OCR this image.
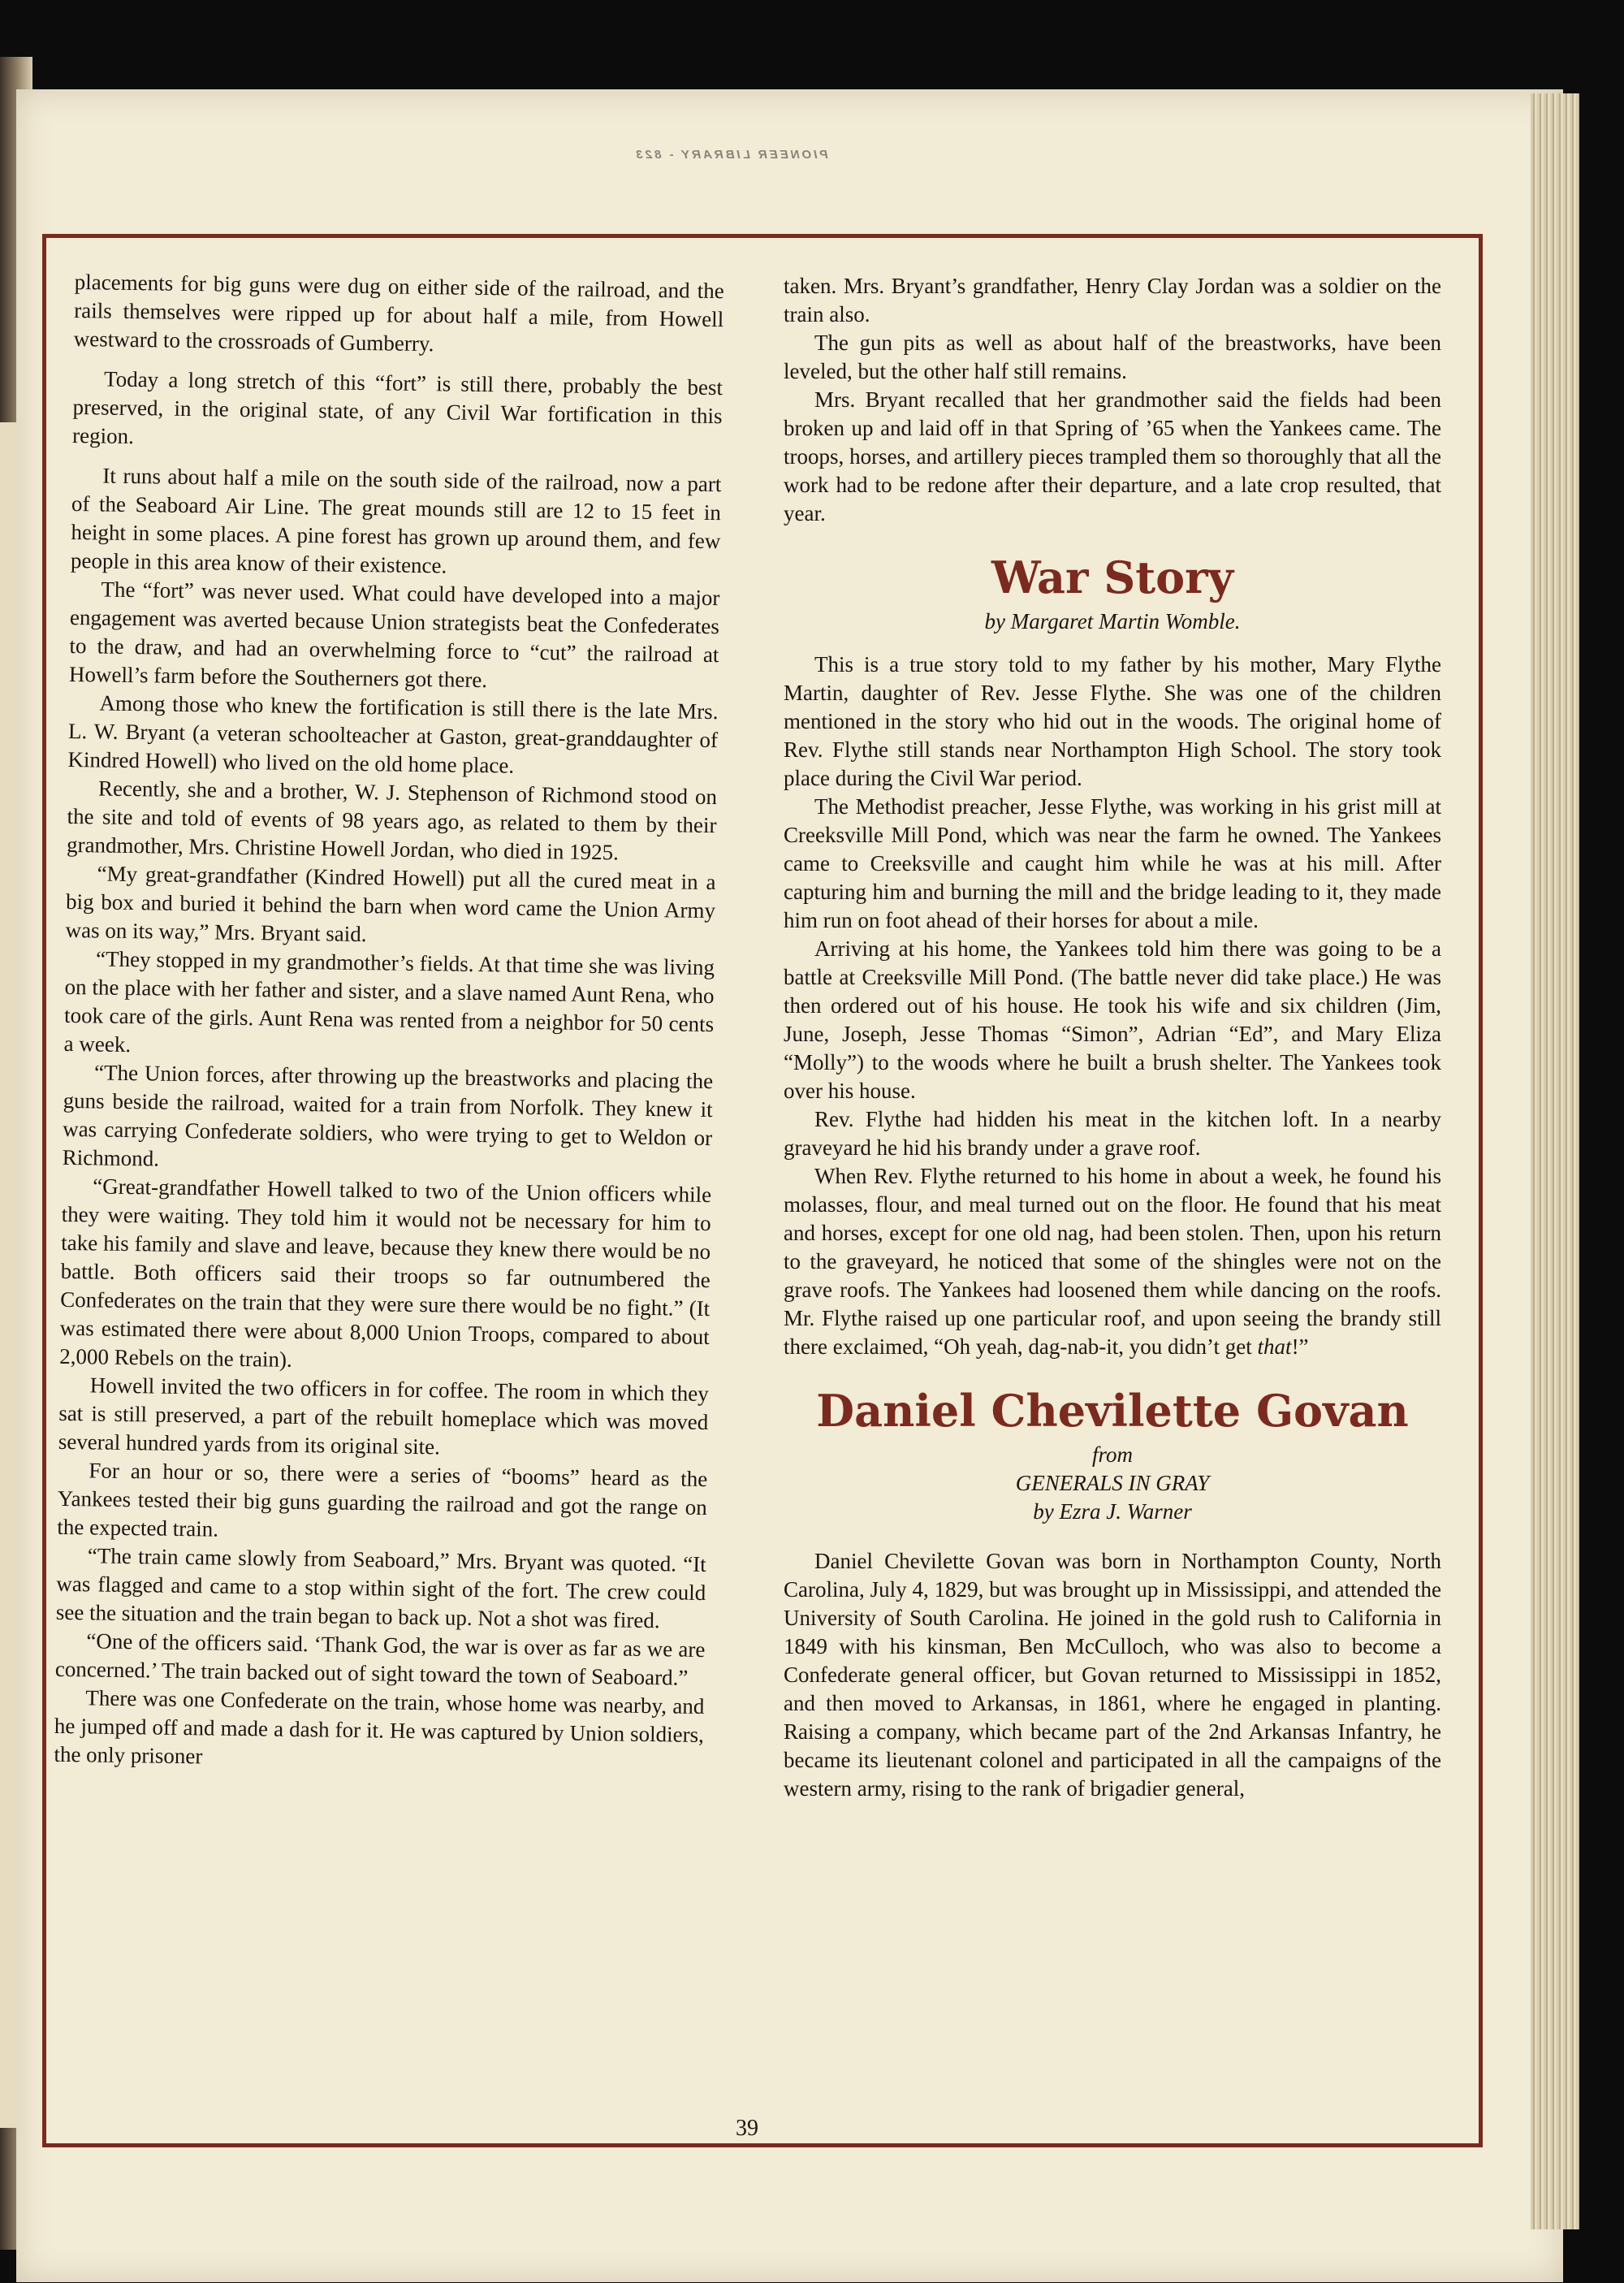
PIONEER LIBRARY - 823

placements for big guns were dug on either side of the railroad, and the rails themselves were ripped up for about half a mile, from Howell westward to the crossroads of Gumberry.

Today a long stretch of this “fort” is still there, probably the best preserved, in the original state, of any Civil War fortification in this region.

It runs about half a mile on the south side of the railroad, now a part of the Seaboard Air Line. The great mounds still are 12 to 15 feet in height in some places. A pine forest has grown up around them, and few people in this area know of their existence.

The “fort” was never used. What could have developed into a major engagement was averted because Union strategists beat the Confederates to the draw, and had an overwhelming force to “cut” the railroad at Howell’s farm before the Southerners got there.

Among those who knew the fortification is still there is the late Mrs. L. W. Bryant (a veteran schoolteacher at Gaston, great-granddaughter of Kindred Howell) who lived on the old home place.

Recently, she and a brother, W. J. Stephenson of Richmond stood on the site and told of events of 98 years ago, as related to them by their grandmother, Mrs. Christine Howell Jordan, who died in 1925.

“My great-grandfather (Kindred Howell) put all the cured meat in a big box and buried it behind the barn when word came the Union Army was on its way,” Mrs. Bryant said.

“They stopped in my grandmother’s fields. At that time she was living on the place with her father and sister, and a slave named Aunt Rena, who took care of the girls. Aunt Rena was rented from a neighbor for 50 cents a week.

“The Union forces, after throwing up the breastworks and placing the guns beside the railroad, waited for a train from Norfolk. They knew it was carrying Confederate soldiers, who were trying to get to Weldon or Richmond.

“Great-grandfather Howell talked to two of the Union officers while they were waiting. They told him it would not be necessary for him to take his family and slave and leave, because they knew there would be no battle. Both officers said their troops so far outnumbered the Confederates on the train that they were sure there would be no fight.” (It was estimated there were about 8,000 Union Troops, compared to about 2,000 Rebels on the train).

Howell invited the two officers in for coffee. The room in which they sat is still preserved, a part of the rebuilt homeplace which was moved several hundred yards from its original site.

For an hour or so, there were a series of “booms” heard as the Yankees tested their big guns guarding the railroad and got the range on the expected train.

“The train came slowly from Seaboard,” Mrs. Bryant was quoted. “It was flagged and came to a stop within sight of the fort. The crew could see the situation and the train began to back up. Not a shot was fired.

“One of the officers said. ‘Thank God, the war is over as far as we are concerned.’ The train backed out of sight toward the town of Seaboard.”

There was one Confederate on the train, whose home was nearby, and he jumped off and made a dash for it. He was captured by Union soldiers, the only prisoner

taken. Mrs. Bryant’s grandfather, Henry Clay Jordan was a soldier on the train also.

The gun pits as well as about half of the breastworks, have been leveled, but the other half still remains.

Mrs. Bryant recalled that her grandmother said the fields had been broken up and laid off in that Spring of ’65 when the Yankees came. The troops, horses, and artillery pieces trampled them so thoroughly that all the work had to be redone after their departure, and a late crop resulted, that year.

War Story
by Margaret Martin Womble.

This is a true story told to my father by his mother, Mary Flythe Martin, daughter of Rev. Jesse Flythe. She was one of the children mentioned in the story who hid out in the woods. The original home of Rev. Flythe still stands near Northampton High School. The story took place during the Civil War period.

The Methodist preacher, Jesse Flythe, was working in his grist mill at Creeksville Mill Pond, which was near the farm he owned. The Yankees came to Creeksville and caught him while he was at his mill. After capturing him and burning the mill and the bridge leading to it, they made him run on foot ahead of their horses for about a mile.

Arriving at his home, the Yankees told him there was going to be a battle at Creeksville Mill Pond. (The battle never did take place.) He was then ordered out of his house. He took his wife and six children (Jim, June, Joseph, Jesse Thomas “Simon”, Adrian “Ed”, and Mary Eliza “Molly”) to the woods where he built a brush shelter. The Yankees took over his house.

Rev. Flythe had hidden his meat in the kitchen loft. In a nearby graveyard he hid his brandy under a grave roof.

When Rev. Flythe returned to his home in about a week, he found his molasses, flour, and meal turned out on the floor. He found that his meat and horses, except for one old nag, had been stolen. Then, upon his return to the graveyard, he noticed that some of the shingles were not on the grave roofs. The Yankees had loosened them while dancing on the roofs. Mr. Flythe raised up one particular roof, and upon seeing the brandy still there exclaimed, “Oh yeah, dag-nab-it, you didn’t get that!”

Daniel Chevilette Govan
from
GENERALS IN GRAY
by Ezra J. Warner

Daniel Chevilette Govan was born in Northampton County, North Carolina, July 4, 1829, but was brought up in Mississippi, and attended the University of South Carolina. He joined in the gold rush to California in 1849 with his kinsman, Ben McCulloch, who was also to become a Confederate general officer, but Govan returned to Mississippi in 1852, and then moved to Arkansas, in 1861, where he engaged in planting. Raising a company, which became part of the 2nd Arkansas Infantry, he became its lieutenant colonel and participated in all the campaigns of the western army, rising to the rank of brigadier general,

39
